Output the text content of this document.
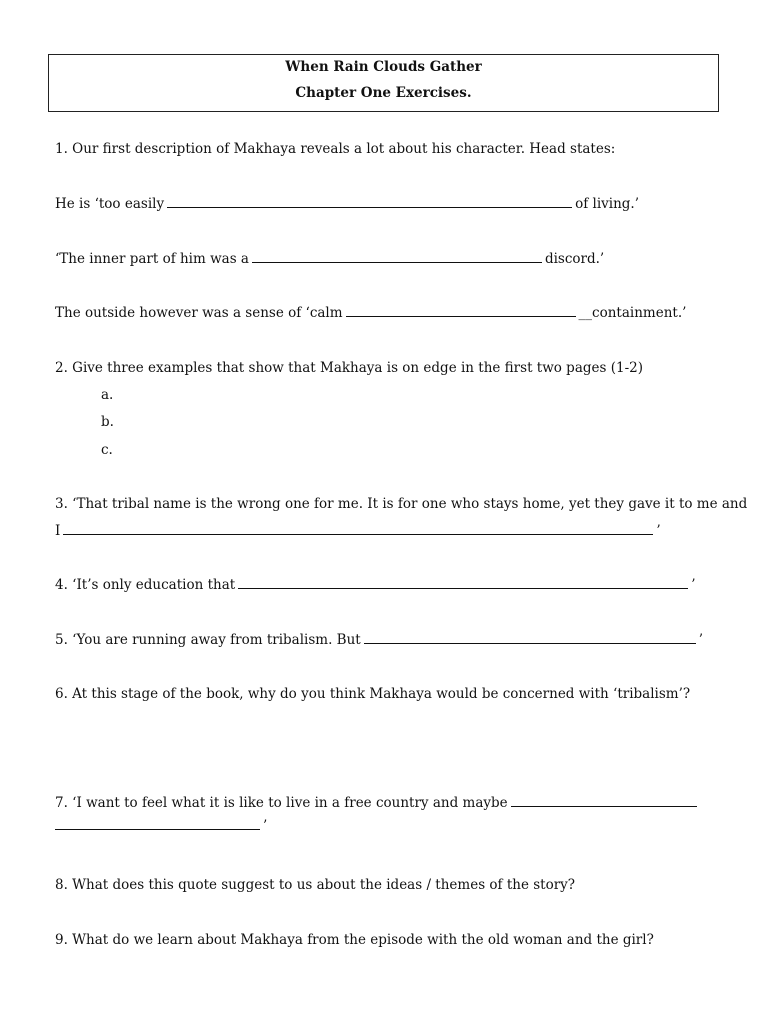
When Rain Clouds Gather
Chapter One Exercises.
1. Our first description of Makhaya reveals a lot about his character. Head states:
He is ‘too easily	of living.’
‘The inner part of him was a	discord.’
The outside however was a sense of ‘calm	__containment.’
2. Give three examples that show that Makhaya is on edge in the first two pages (1-2)
a.
b.
c.
3. ‘That tribal name is the wrong one for me. It is for one who stays home, yet they gave it to me and
I	’
4. ‘It’s only education that	’
5. ‘You are running away from tribalism. But	’
6. At this stage of the book, why do you think Makhaya would be concerned with ‘tribalism’?
7. ‘I want to feel what it is like to live in a free country and maybe
’
8. What does this quote suggest to us about the ideas / themes of the story?
9. What do we learn about Makhaya from the episode with the old woman and the girl?
